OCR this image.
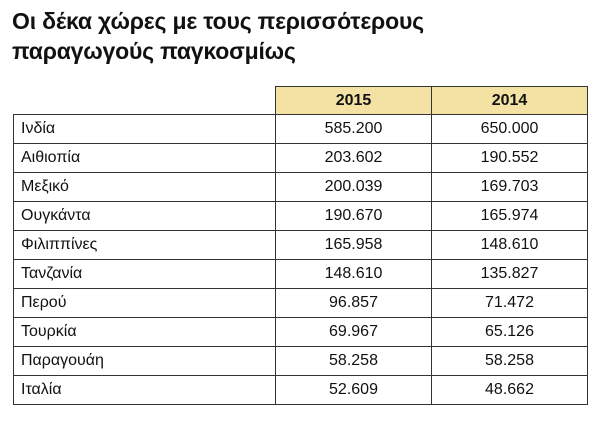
Οι δέκα χώρες με τους περισσότερους
παραγωγούς παγκοσμίως
	2015	2014
Ινδία	585.200	650.000
Αιθιοπία	203.602	190.552
Μεξικό	200.039	169.703
Ουγκάντα	190.670	165.974
Φιλιππίνες	165.958	148.610
Τανζανία	148.610	135.827
Περού	96.857	71.472
Τουρκία	69.967	65.126
Παραγουάη	58.258	58.258
Ιταλία	52.609	48.662
